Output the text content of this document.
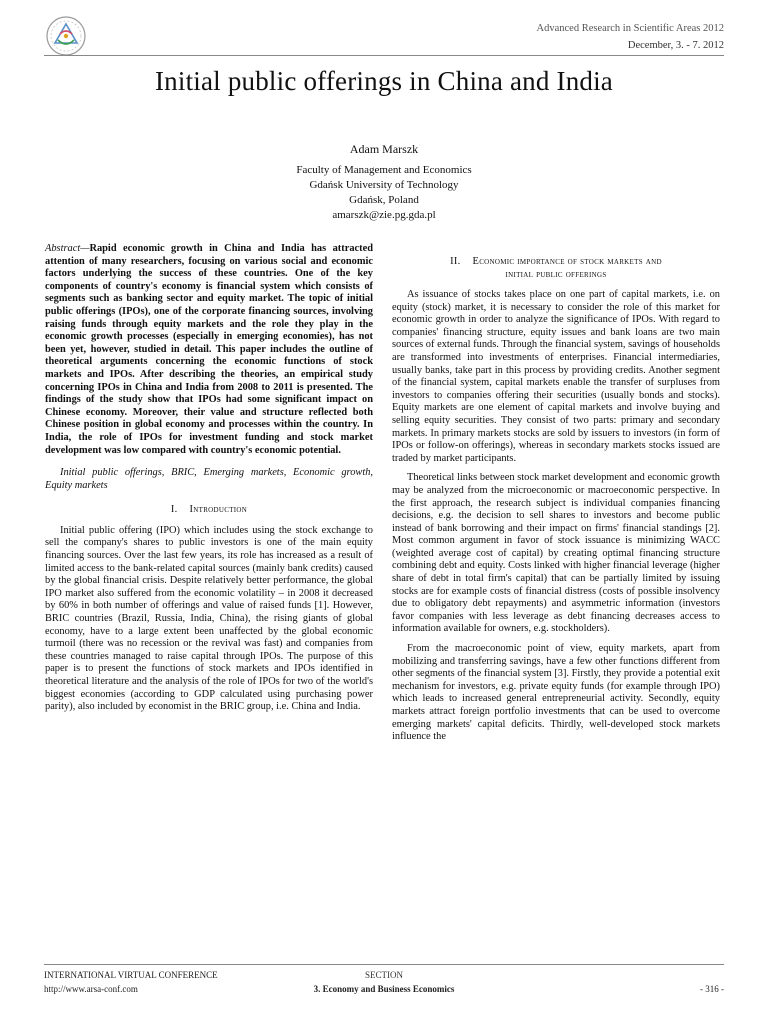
Advanced Research in Scientific Areas 2012
December, 3. - 7. 2012
Initial public offerings in China and India
Adam Marszk
Faculty of Management and Economics
Gdańsk University of Technology
Gdańsk, Poland
amarszk@zie.pg.gda.pl

Abstract—Rapid economic growth in China and India has attracted attention of many researchers, focusing on various social and economic factors underlying the success of these countries. One of the key components of country's economy is financial system which consists of segments such as banking sector and equity market. The topic of initial public offerings (IPOs), one of the corporate financing sources, involving raising funds through equity markets and the role they play in the economic growth processes (especially in emerging economies), has not been yet, however, studied in detail. This paper includes the outline of theoretical arguments concerning the economic functions of stock markets and IPOs. After describing the theories, an empirical study concerning IPOs in China and India from 2008 to 2011 is presented. The findings of the study show that IPOs had some significant impact on Chinese economy. Moreover, their value and structure reflected both Chinese position in global economy and processes within the country. In India, the role of IPOs for investment funding and stock market development was low compared with country's economic potential.

Initial public offerings, BRIC, Emerging markets, Economic growth, Equity markets

I. Introduction

Initial public offering (IPO) which includes using the stock exchange to sell the company's shares to public investors is one of the main equity financing sources. Over the last few years, its role has increased as a result of limited access to the bank-related capital sources (mainly bank credits) caused by the global financial crisis. Despite relatively better performance, the global IPO market also suffered from the economic volatility – in 2008 it decreased by 60% in both number of offerings and value of raised funds [1]. However, BRIC countries (Brazil, Russia, India, China), the rising giants of global economy, have to a large extent been unaffected by the global economic turmoil (there was no recession or the revival was fast) and companies from these countries managed to raise capital through IPOs. The purpose of this paper is to present the functions of stock markets and IPOs identified in theoretical literature and the analysis of the role of IPOs for two of the world's biggest economies (according to GDP calculated using purchasing power parity), also included by economist in the BRIC group, i.e. China and India.

II. Economic importance of stock markets and
initial public offerings

As issuance of stocks takes place on one part of capital markets, i.e. on equity (stock) market, it is necessary to consider the role of this market for economic growth in order to analyze the significance of IPOs. With regard to companies' financing structure, equity issues and bank loans are two main sources of external funds. Through the financial system, savings of households are transformed into investments of enterprises. Financial intermediaries, usually banks, take part in this process by providing credits. Another segment of the financial system, capital markets enable the transfer of surpluses from investors to companies offering their securities (usually bonds and stocks). Equity markets are one element of capital markets and involve buying and selling equity securities. They consist of two parts: primary and secondary markets. In primary markets stocks are sold by issuers to investors (in form of IPOs or follow-on offerings), whereas in secondary markets stocks issued are traded by market participants.

Theoretical links between stock market development and economic growth may be analyzed from the microeconomic or macroeconomic perspective. In the first approach, the research subject is individual companies financing decisions, e.g. the decision to sell shares to investors and become public instead of bank borrowing and their impact on firms' financial standings [2]. Most common argument in favor of stock issuance is minimizing WACC (weighted average cost of capital) by creating optimal financing structure combining debt and equity. Costs linked with higher financial leverage (higher share of debt in total firm's capital) that can be partially limited by issuing stocks are for example costs of financial distress (costs of possible insolvency due to obligatory debt repayments) and asymmetric information (investors favor companies with less leverage as debt financing decreases access to information available for owners, e.g. stockholders).

From the macroeconomic point of view, equity markets, apart from mobilizing and transferring savings, have a few other functions different from other segments of the financial system [3]. Firstly, they provide a potential exit mechanism for investors, e.g. private equity funds (for example through IPO) which leads to increased general entrepreneurial activity. Secondly, equity markets attract foreign portfolio investments that can be used to overcome emerging markets' capital deficits. Thirdly, well-developed stock markets influence the

INTERNATIONAL VIRTUAL CONFERENCE
http://www.arsa-conf.com
SECTION
3. Economy and Business Economics	- 316 -
